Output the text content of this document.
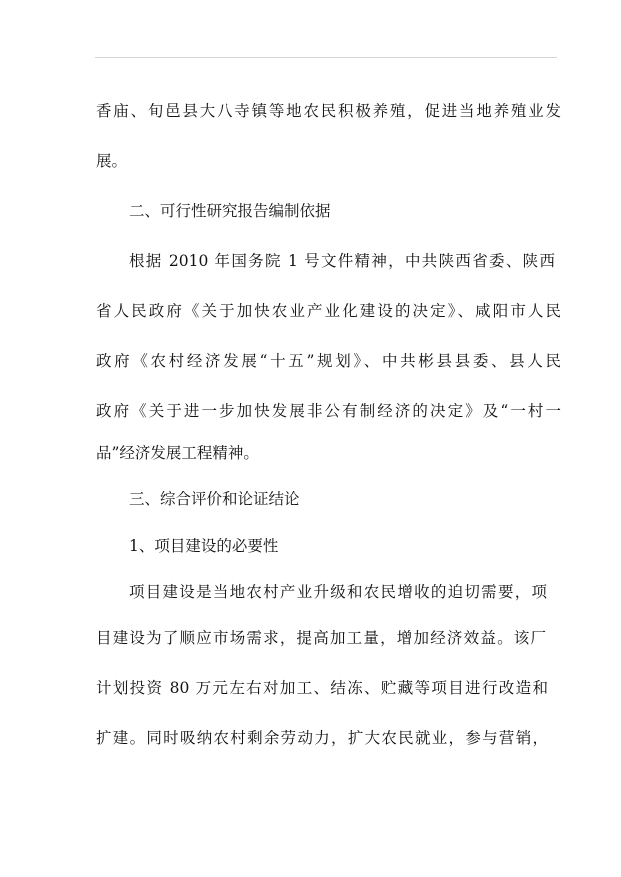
香庙、旬邑县大八寺镇等地农民积极养殖，促进当地养殖业发
展。
二、可行性研究报告编制依据
根据 2010 年国务院 1 号文件精神，中共陕西省委、陕西
省人民政府《关于加快农业产业化建设的决定》、咸阳市人民
政府《农村经济发展“十五”规划》、中共彬县县委、县人民
政府《关于进一步加快发展非公有制经济的决定》及“一村一
品”经济发展工程精神。
三、综合评价和论证结论
1、项目建设的必要性
项目建设是当地农村产业升级和农民增收的迫切需要，项
目建设为了顺应市场需求，提高加工量，增加经济效益。该厂
计划投资 80 万元左右对加工、结冻、贮藏等项目进行改造和
扩建。同时吸纳农村剩余劳动力，扩大农民就业，参与营销，
